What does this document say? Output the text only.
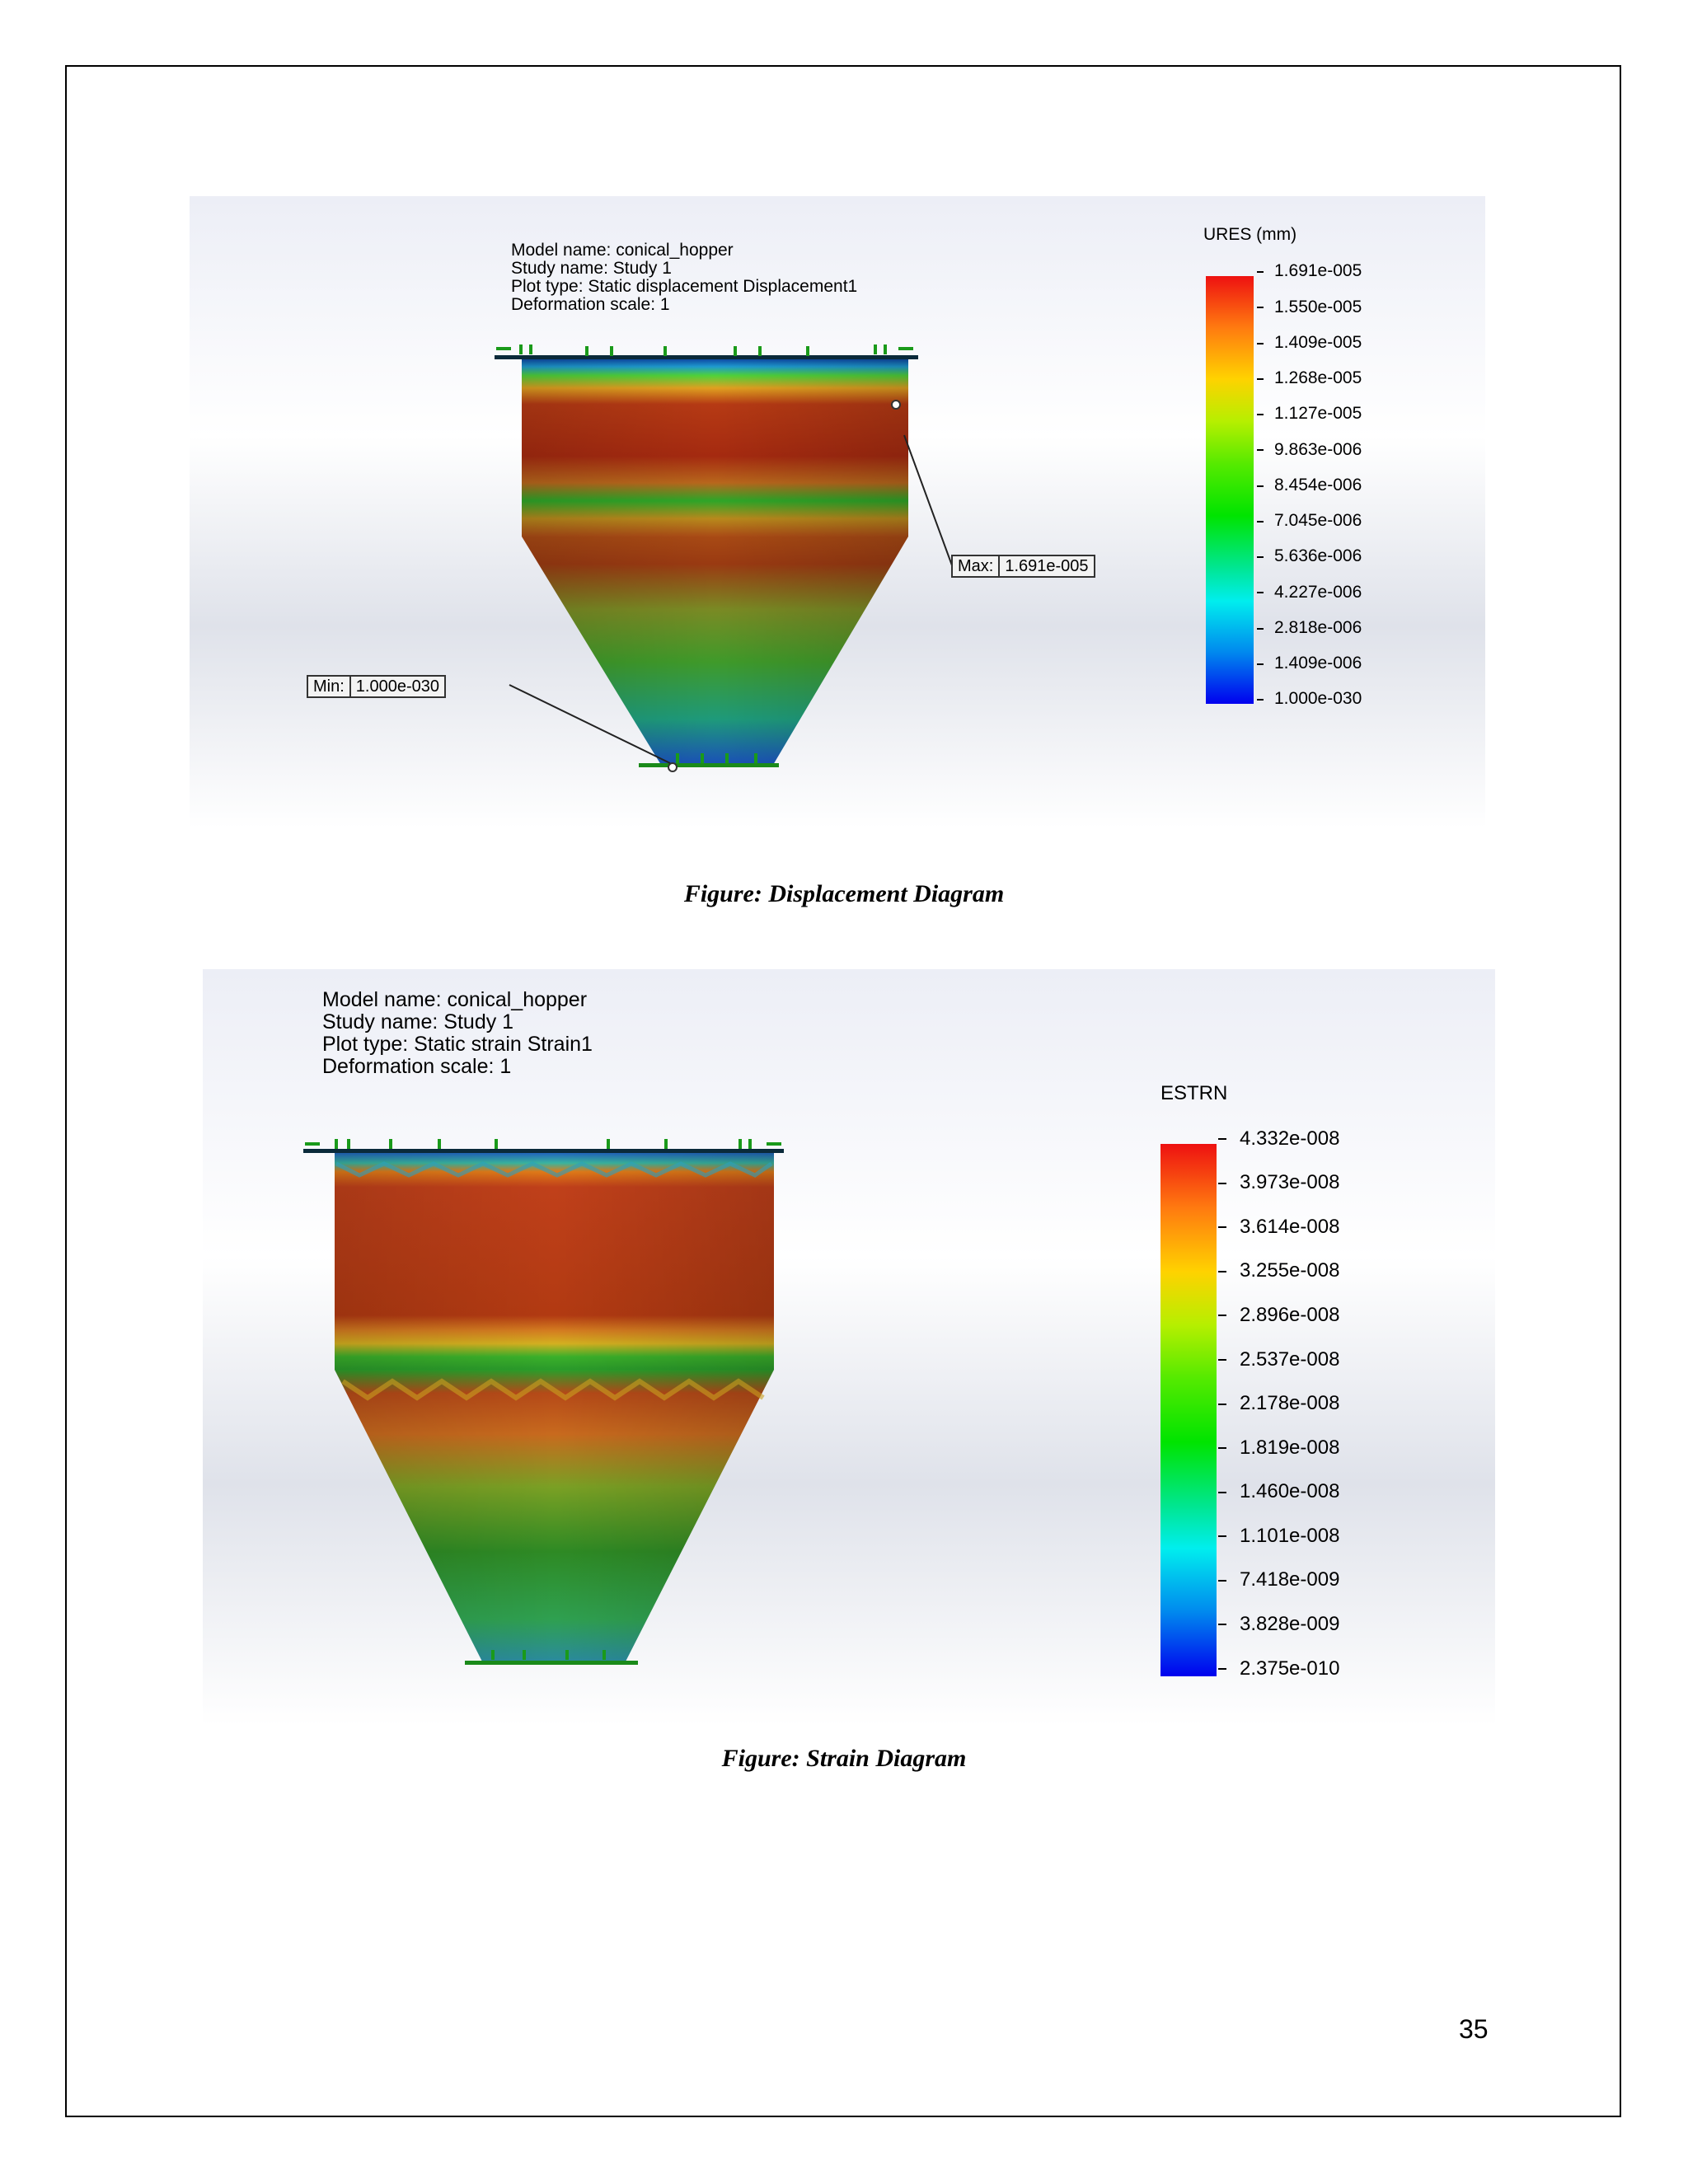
Model name: conical_hopper
Study name: Study 1
Plot type: Static displacement Displacement1
Deformation scale: 1
Max: 1.691e-005
Min: 1.000e-030
URES (mm)
1.691e-005
1.550e-005
1.409e-005
1.268e-005
1.127e-005
9.863e-006
8.454e-006
7.045e-006
5.636e-006
4.227e-006
2.818e-006
1.409e-006
1.000e-030
Figure: Displacement Diagram
Model name: conical_hopper
Study name: Study 1
Plot type: Static strain Strain1
Deformation scale: 1
ESTRN
4.332e-008
3.973e-008
3.614e-008
3.255e-008
2.896e-008
2.537e-008
2.178e-008
1.819e-008
1.460e-008
1.101e-008
7.418e-009
3.828e-009
2.375e-010
Figure: Strain Diagram
35
